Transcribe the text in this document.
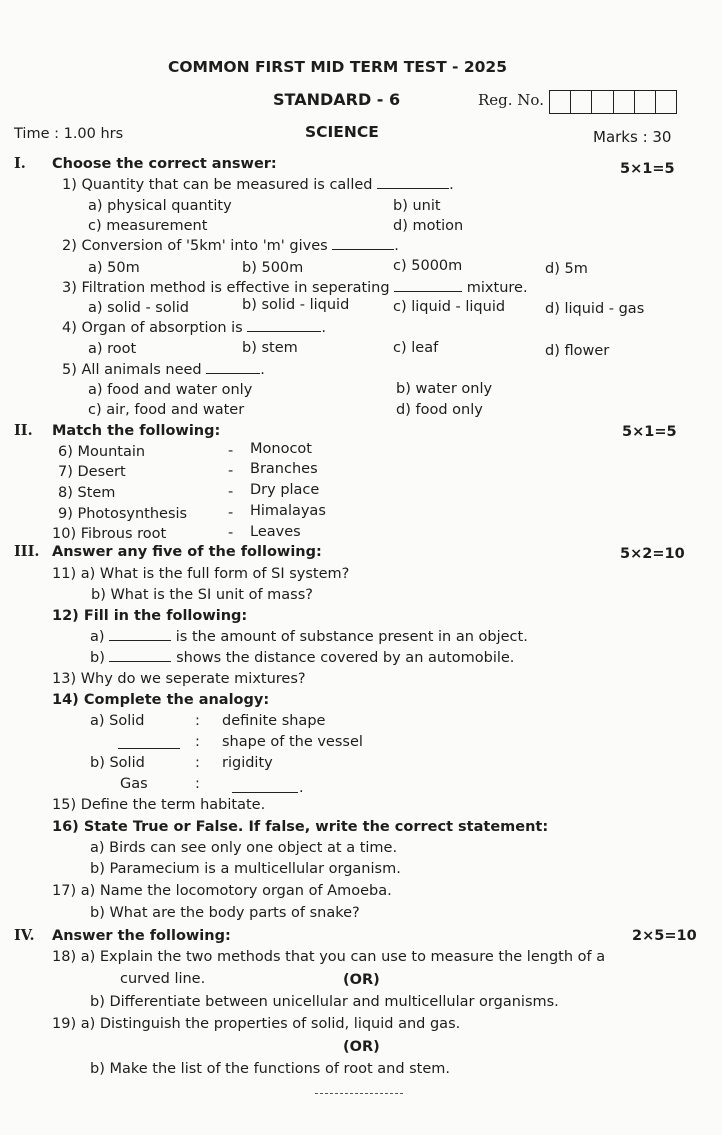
COMMON FIRST MID TERM TEST - 2025
STANDARD - 6	Reg. No.
Time : 1.00 hrs	SCIENCE	Marks : 30
I. Choose the correct answer:	5×1=5
1) Quantity that can be measured is called	.
a) physical quantity	b) unit
c) measurement	d) motion
2) Conversion of '5km' into 'm' gives	.
a) 50m	b) 500m	c) 5000m	d) 5m
3) Filtration method is effective in seperating	mixture.
a) solid - solid	b) solid - liquid	c) liquid - liquid	d) liquid - gas
4) Organ of absorption is	.
a) root	b) stem	c) leaf	d) flower
5) All animals need	.
a) food and water only	b) water only
c) air, food and water	d) food only
II. Match the following:	5×1=5
6) Mountain	- Monocot
7) Desert	- Branches
8) Stem	- Dry place
9) Photosynthesis	- Himalayas
10) Fibrous root	- Leaves
III. Answer any five of the following:	5×2=10
11) a) What is the full form of SI system?
b) What is the SI unit of mass?
12) Fill in the following:
a)	is the amount of substance present in an object.
b)	shows the distance covered by an automobile.
13) Why do we seperate mixtures?
14) Complete the analogy:
a) Solid	: definite shape
: shape of the vessel
b) Solid	: rigidity
Gas	:	.
15) Define the term habitate.
16) State True or False. If false, write the correct statement:
a) Birds can see only one object at a time.
b) Paramecium is a multicellular organism.
17) a) Name the locomotory organ of Amoeba.
b) What are the body parts of snake?
IV. Answer the following:	2×5=10
18) a) Explain the two methods that you can use to measure the length of a
curved line.	(OR)
b) Differentiate between unicellular and multicellular organisms.
19) a) Distinguish the properties of solid, liquid and gas.
(OR)
b) Make the list of the functions of root and stem.
